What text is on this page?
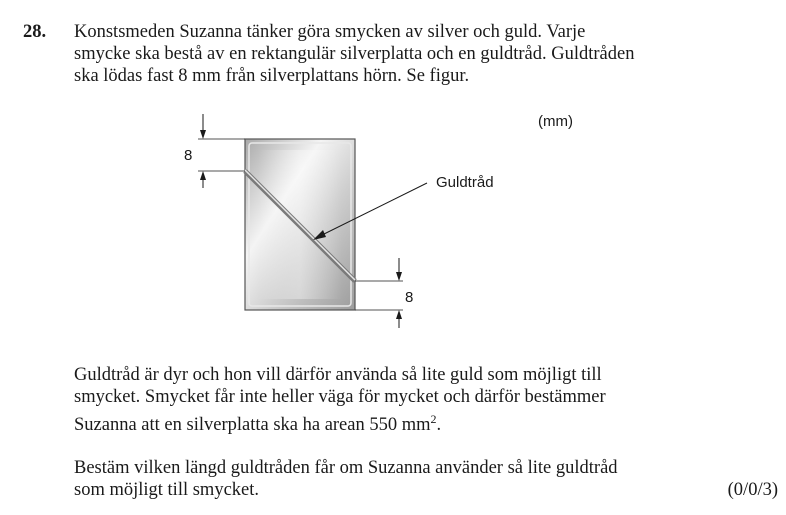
28. Konstsmeden Suzanna tänker göra smycken av silver och guld. Varje
smycke ska bestå av en rektangulär silverplatta och en guldtråd. Guldtråden
ska lödas fast 8 mm från silverplattans hörn. Se figur.

8
8
Guldtråd
(mm)

Guldtråd är dyr och hon vill därför använda så lite guld som möjligt till
smycket. Smycket får inte heller väga för mycket och därför bestämmer
Suzanna att en silverplatta ska ha arean 550 $mm^2$.

Bestäm vilken längd guldtråden får om Suzanna använder så lite guldtråd
som möjligt till smycket.	(0/0/3)
